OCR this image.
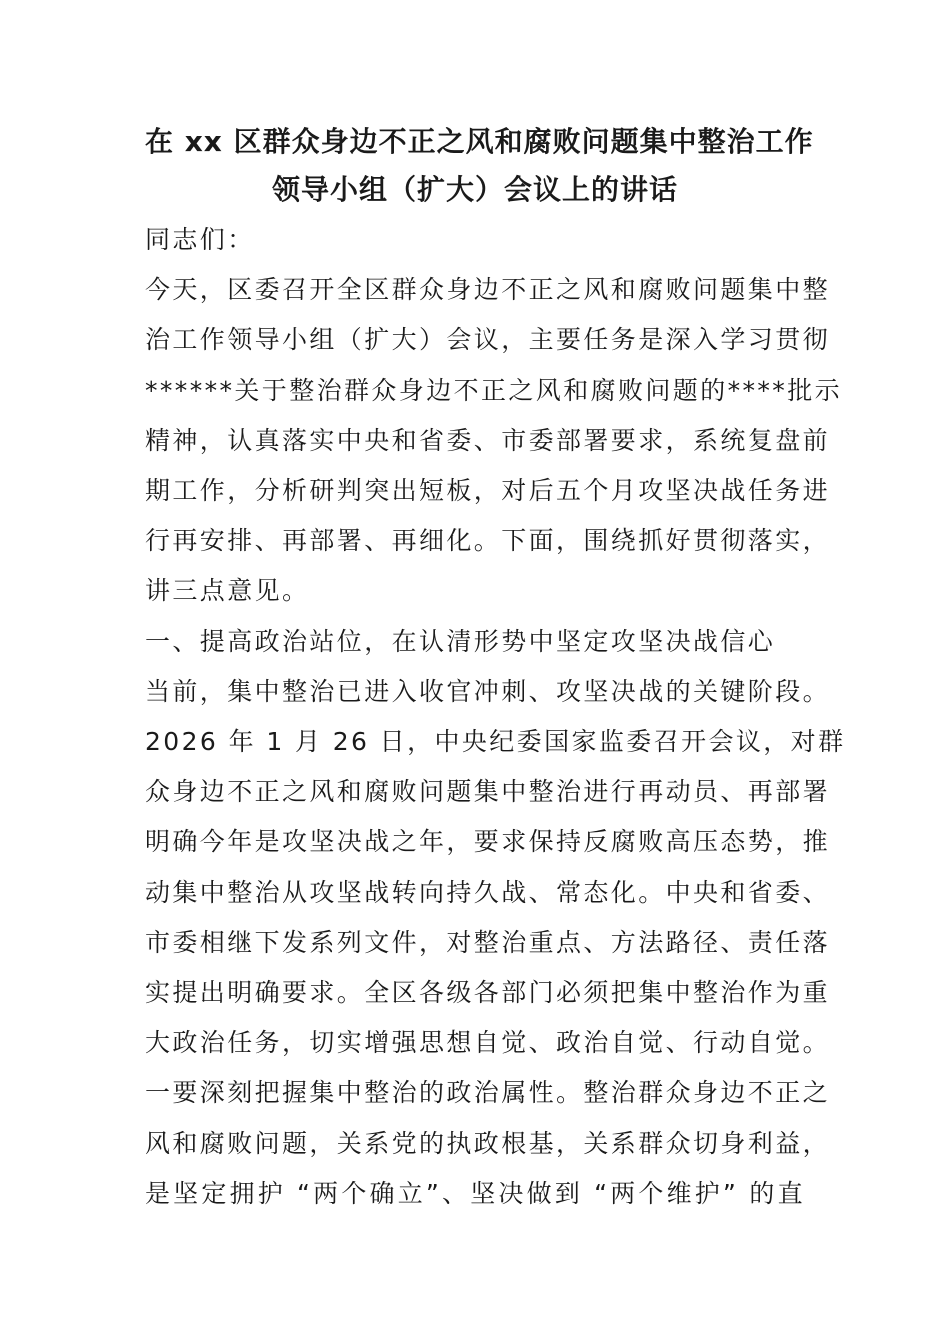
在 xx 区群众身边不正之风和腐败问题集中整治工作
领导小组（扩大）会议上的讲话
同志们：
今天，区委召开全区群众身边不正之风和腐败问题集中整
治工作领导小组（扩大）会议，主要任务是深入学习贯彻
******关于整治群众身边不正之风和腐败问题的****批示
精神，认真落实中央和省委、市委部署要求，系统复盘前
期工作，分析研判突出短板，对后五个月攻坚决战任务进
行再安排、再部署、再细化。下面，围绕抓好贯彻落实，
讲三点意见。
一、提高政治站位，在认清形势中坚定攻坚决战信心
当前，集中整治已进入收官冲刺、攻坚决战的关键阶段。
2026 年 1 月 26 日，中央纪委国家监委召开会议，对群
众身边不正之风和腐败问题集中整治进行再动员、再部署
明确今年是攻坚决战之年，要求保持反腐败高压态势，推
动集中整治从攻坚战转向持久战、常态化。中央和省委、
市委相继下发系列文件，对整治重点、方法路径、责任落
实提出明确要求。全区各级各部门必须把集中整治作为重
大政治任务，切实增强思想自觉、政治自觉、行动自觉。
一要深刻把握集中整治的政治属性。整治群众身边不正之
风和腐败问题，关系党的执政根基，关系群众切身利益，
是坚定拥护 “两个确立”、坚决做到 “两个维护” 的直
